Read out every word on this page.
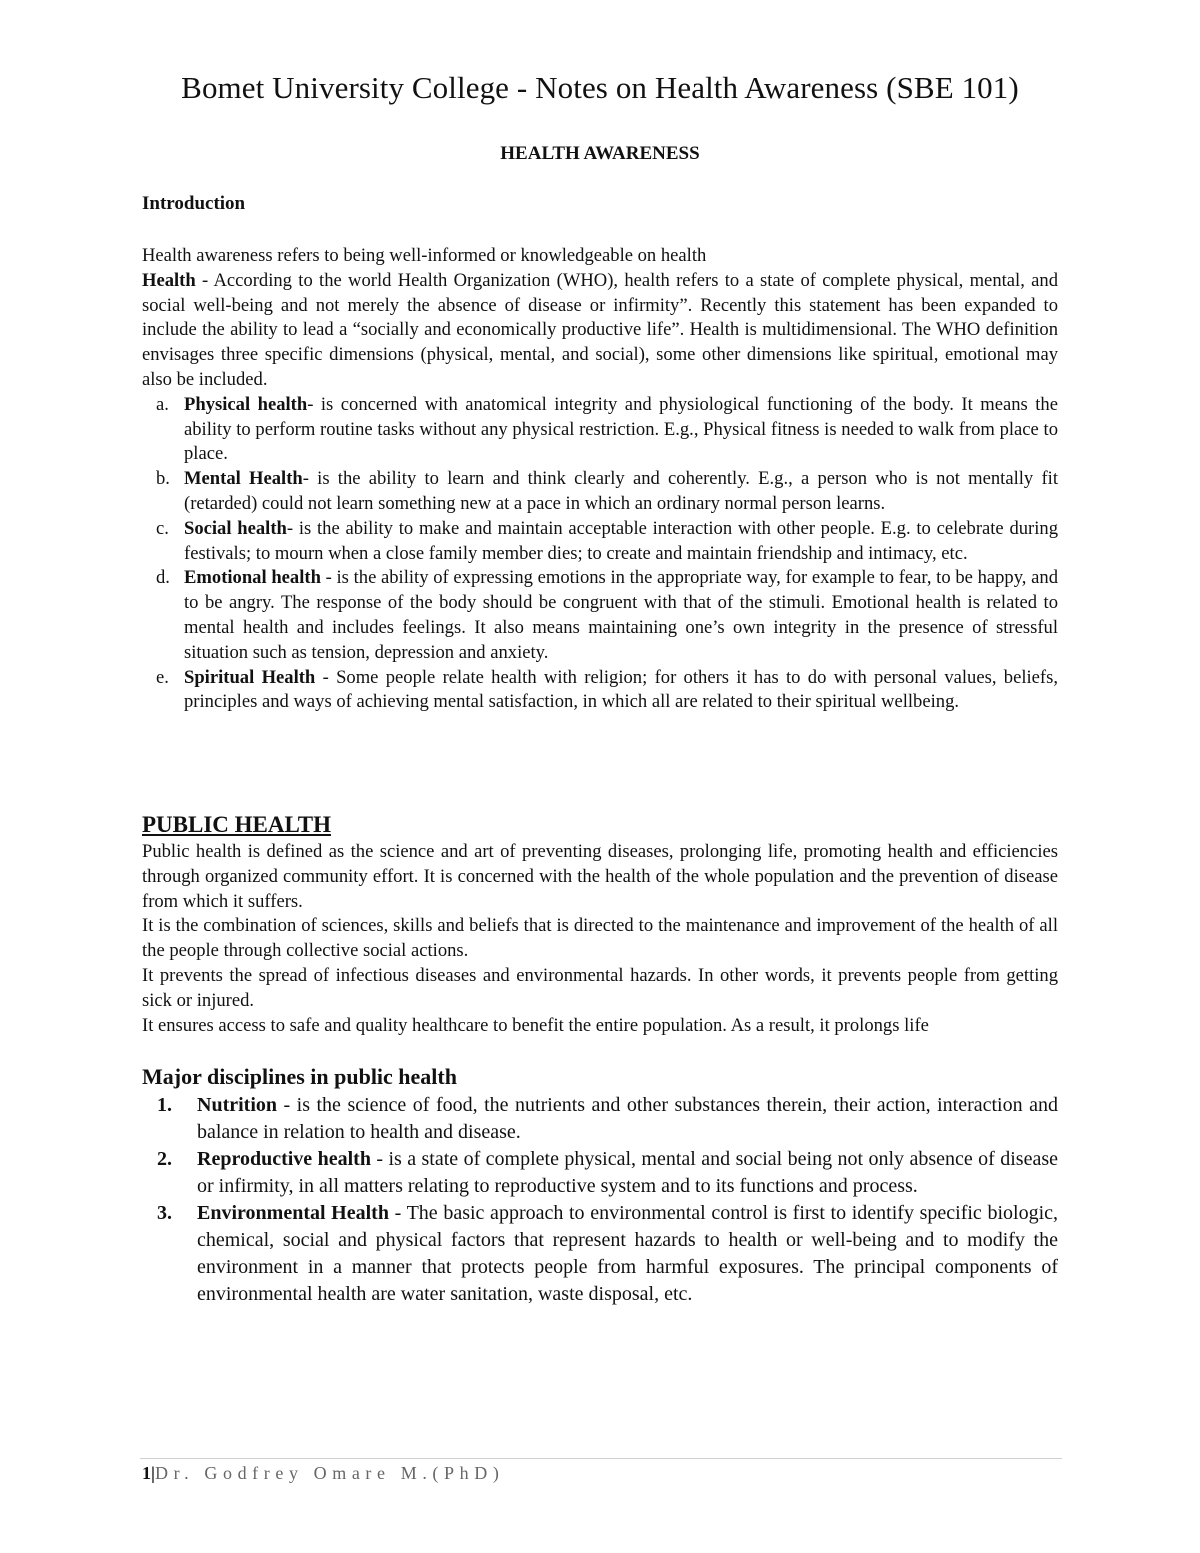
Bomet University College - Notes on Health Awareness (SBE 101)
HEALTH AWARENESS
Introduction

Health awareness refers to being well-informed or knowledgeable on health

Health - According to the world Health Organization (WHO), health refers to a state of complete physical, mental, and social well-being and not merely the absence of disease or infirmity”. Recently this statement has been expanded to include the ability to lead a “socially and economically productive life”. Health is multidimensional. The WHO definition envisages three specific dimensions (physical, mental, and social), some other dimensions like spiritual, emotional may also be included.

a. Physical health- is concerned with anatomical integrity and physiological functioning of the body. It means the ability to perform routine tasks without any physical restriction. E.g., Physical fitness is needed to walk from place to place.
b. Mental Health- is the ability to learn and think clearly and coherently. E.g., a person who is not mentally fit (retarded) could not learn something new at a pace in which an ordinary normal person learns.
c. Social health- is the ability to make and maintain acceptable interaction with other people. E.g. to celebrate during festivals; to mourn when a close family member dies; to create and maintain friendship and intimacy, etc.
d. Emotional health - is the ability of expressing emotions in the appropriate way, for example to fear, to be happy, and to be angry. The response of the body should be congruent with that of the stimuli. Emotional health is related to mental health and includes feelings. It also means maintaining one’s own integrity in the presence of stressful situation such as tension, depression and anxiety.
e. Spiritual Health - Some people relate health with religion; for others it has to do with personal values, beliefs, principles and ways of achieving mental satisfaction, in which all are related to their spiritual wellbeing.
PUBLIC HEALTH

Public health is defined as the science and art of preventing diseases, prolonging life, promoting health and efficiencies through organized community effort. It is concerned with the health of the whole population and the prevention of disease from which it suffers.

It is the combination of sciences, skills and beliefs that is directed to the maintenance and improvement of the health of all the people through collective social actions.

It prevents the spread of infectious diseases and environmental hazards. In other words, it prevents people from getting sick or injured.

It ensures access to safe and quality healthcare to benefit the entire population. As a result, it prolongs life

Major disciplines in public health
1. Nutrition - is the science of food, the nutrients and other substances therein, their action, interaction and balance in relation to health and disease.
2. Reproductive health - is a state of complete physical, mental and social being not only absence of disease or infirmity, in all matters relating to reproductive system and to its functions and process.
3. Environmental Health - The basic approach to environmental control is first to identify specific biologic, chemical, social and physical factors that represent hazards to health or well-being and to modify the environment in a manner that protects people from harmful exposures. The principal components of environmental health are water sanitation, waste disposal, etc.
1|Dr. Godfrey Omare M.(PhD)
